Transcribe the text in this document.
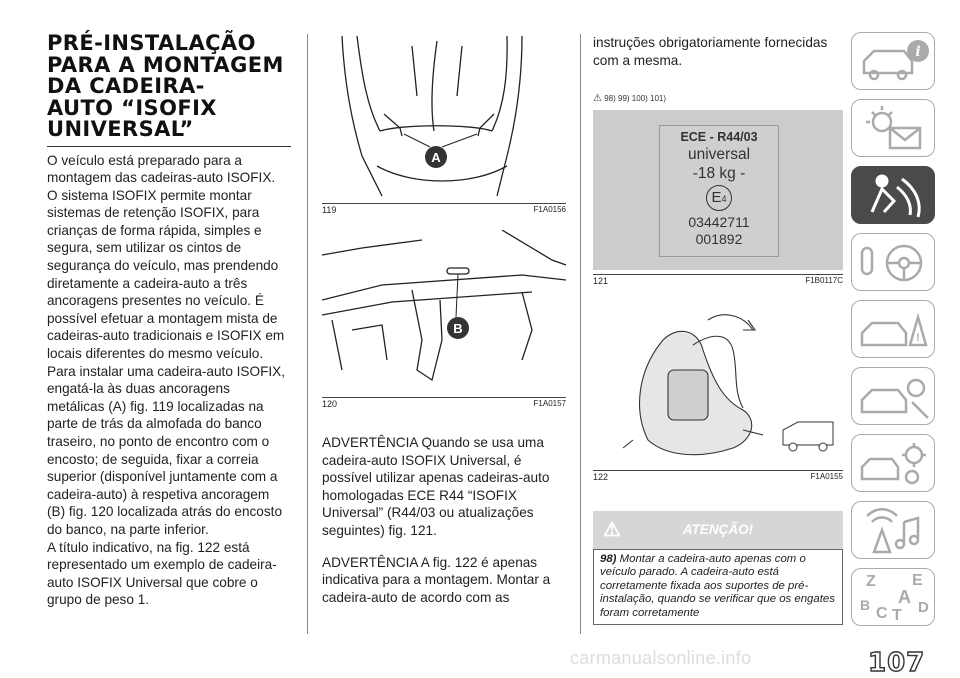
PRÉ-INSTALAÇÃO
PARA A MONTAGEM
DA CADEIRA-
AUTO “ISOFIX
UNIVERSAL”

O veículo está preparado para a montagem das cadeiras-auto ISOFIX.

O sistema ISOFIX permite montar sistemas de retenção ISOFIX, para crianças de forma rápida, simples e segura, sem utilizar os cintos de segurança do veículo, mas prendendo diretamente a cadeira-auto a três ancoragens presentes no veículo. É possível efetuar a montagem mista de cadeiras-auto tradicionais e ISOFIX em locais diferentes do mesmo veículo.

Para instalar uma cadeira-auto ISOFIX, engatá-la às duas ancoragens metálicas (A) fig. 119 localizadas na parte de trás da almofada do banco traseiro, no ponto de encontro com o encosto; de seguida, fixar a correia superior (disponível juntamente com a cadeira-auto) à respetiva ancoragem (B) fig. 120 localizada atrás do encosto do banco, na parte inferior.

A título indicativo, na fig. 122 está representado um exemplo de cadeira-auto ISOFIX Universal que cobre o grupo de peso 1.

A
119	F1A0156
B
120	F1A0157

ADVERTÊNCIA Quando se usa uma cadeira-auto ISOFIX Universal, é possível utilizar apenas cadeiras-auto homologadas ECE R44 “ISOFIX Universal” (R44/03 ou atualizações seguintes) fig. 121.

ADVERTÊNCIA A fig. 122 é apenas indicativa para a montagem. Montar a cadeira-auto de acordo com as

instruções obrigatoriamente fornecidas com a mesma.

⚠ 98) 99) 100) 101)
ECE - R44/03
universal
-18 kg -
E4
03442711
001892
121	F1B0117C
122	F1A0155
⚠	ATENÇÃO!
98) Montar a cadeira-auto apenas com o veículo parado. A cadeira-auto está corretamente fixada aos suportes de pré-instalação, quando se verificar que os engates foram corretamente
i
!
Z E
A
B C T D
carmanualsonline.info	107
